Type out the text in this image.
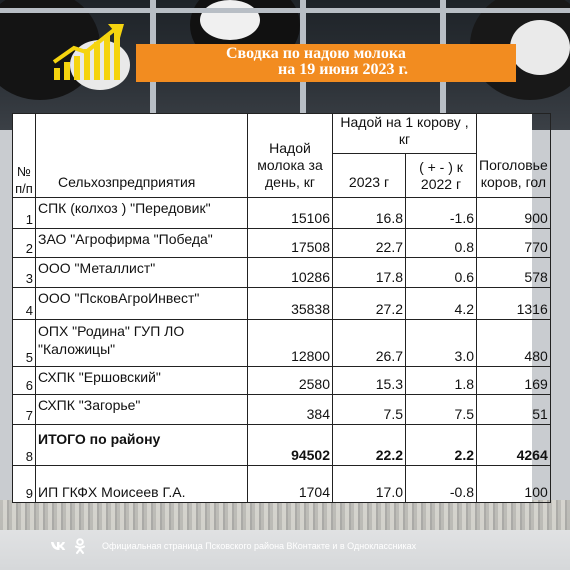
Сводка по надою молока
на 19 июня 2023 г.
№ п/п	Сельхозпредприятия	Надой молока за день, кг	Надой на 1 корову , кг		Поголовье коров, гол
			2023 г	( + - ) к 2022 г	
1	СПК (колхоз ) "Передовик"	15106	16.8	-1.6	900
2	ЗАО "Агрофирма "Победа"	17508	22.7	0.8	770
3	ООО "Металлист"	10286	17.8	0.6	578
4	ООО "ПсковАгроИнвест"	35838	27.2	4.2	1316
5	ОПХ "Родина" ГУП ЛО
"Каложицы"	12800	26.7	3.0	480
6	СХПК "Ершовский"	2580	15.3	1.8	169
7	СХПК "Загорье"	384	7.5	7.5	51
8	ИТОГО по району	94502	22.2	2.2	4264
9	ИП ГКФХ Моисеев Г.А.	1704	17.0	-0.8	100
Официальная страница Псковского района ВКонтакте и в Одноклассниках
